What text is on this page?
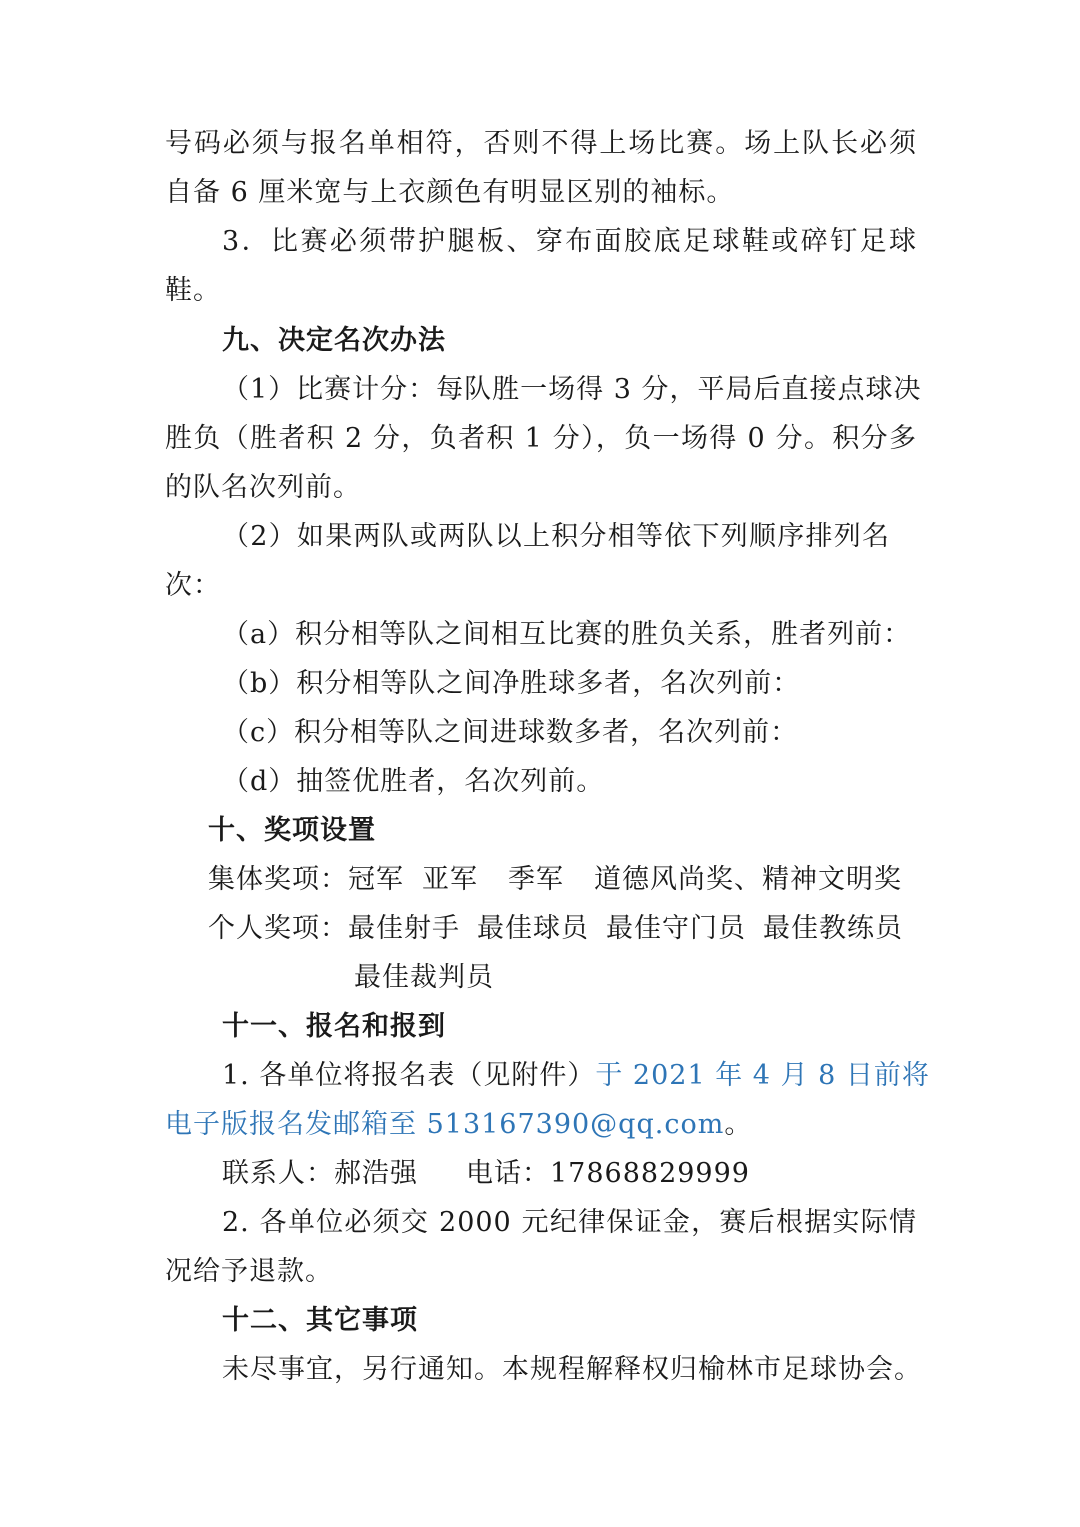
号码必须与报名单相符，否则不得上场比赛。场上队长必须
自备 6 厘米宽与上衣颜色有明显区别的袖标。
3．比赛必须带护腿板、穿布面胶底足球鞋或碎钉足球
鞋。
九、决定名次办法
（1）比赛计分：每队胜一场得 3 分，平局后直接点球决
胜负（胜者积 2 分，负者积 1 分），负一场得 0 分。积分多
的队名次列前。
（2）如果两队或两队以上积分相等依下列顺序排列名
次：
（a）积分相等队之间相互比赛的胜负关系，胜者列前：
（b）积分相等队之间净胜球多者，名次列前：
（c）积分相等队之间进球数多者，名次列前：
（d）抽签优胜者，名次列前。
十、奖项设置
集体奖项：冠军 亚军 季军 道德风尚奖、精神文明奖
个人奖项：最佳射手 最佳球员 最佳守门员 最佳教练员
最佳裁判员
十一、报名和报到
1. 各单位将报名表（见附件）于 2021 年 4 月 8 日前将
电子版报名发邮箱至 513167390@qq.com。
联系人：郝浩强 电话：17868829999
2. 各单位必须交 2000 元纪律保证金，赛后根据实际情
况给予退款。
十二、其它事项
未尽事宜，另行通知。本规程解释权归榆林市足球协会。
